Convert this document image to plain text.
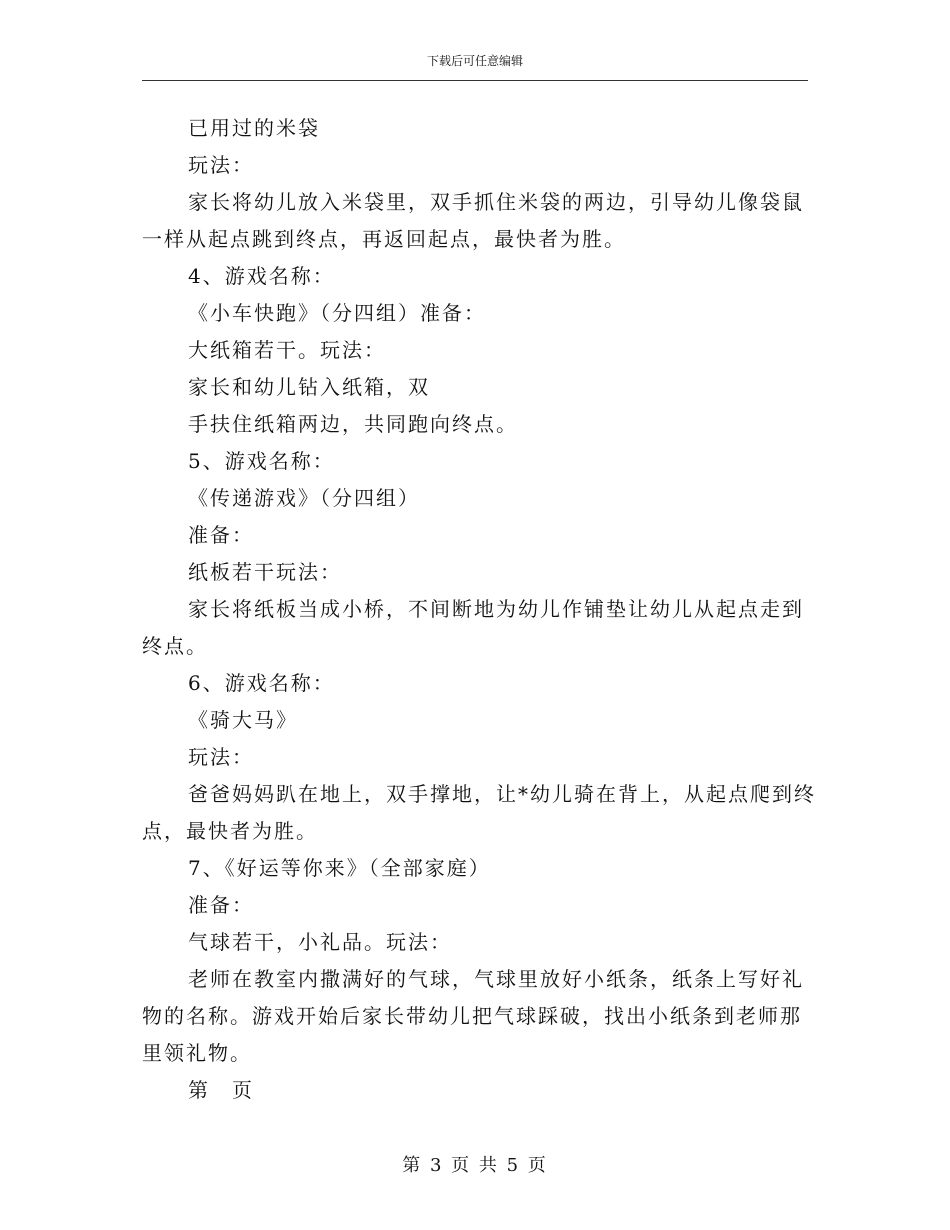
下载后可任意编辑
已用过的米袋
玩法：
家长将幼儿放入米袋里，双手抓住米袋的两边，引导幼儿像袋鼠
一样从起点跳到终点，再返回起点，最快者为胜。
4、游戏名称：
《小车快跑》（分四组）准备：
大纸箱若干。玩法：
家长和幼儿钻入纸箱，双
手扶住纸箱两边，共同跑向终点。
5、游戏名称：
《传递游戏》（分四组）
准备：
纸板若干玩法：
家长将纸板当成小桥，不间断地为幼儿作铺垫让幼儿从起点走到
终点。
6、游戏名称：
《骑大马》
玩法：
爸爸妈妈趴在地上，双手撑地，让*幼儿骑在背上，从起点爬到终
点，最快者为胜。
7、《好运等你来》（全部家庭）
准备：
气球若干，小礼品。玩法：
老师在教室内撒满好的气球，气球里放好小纸条，纸条上写好礼
物的名称。游戏开始后家长带幼儿把气球踩破，找出小纸条到老师那
里领礼物。
第　页
第 3 页 共 5 页
